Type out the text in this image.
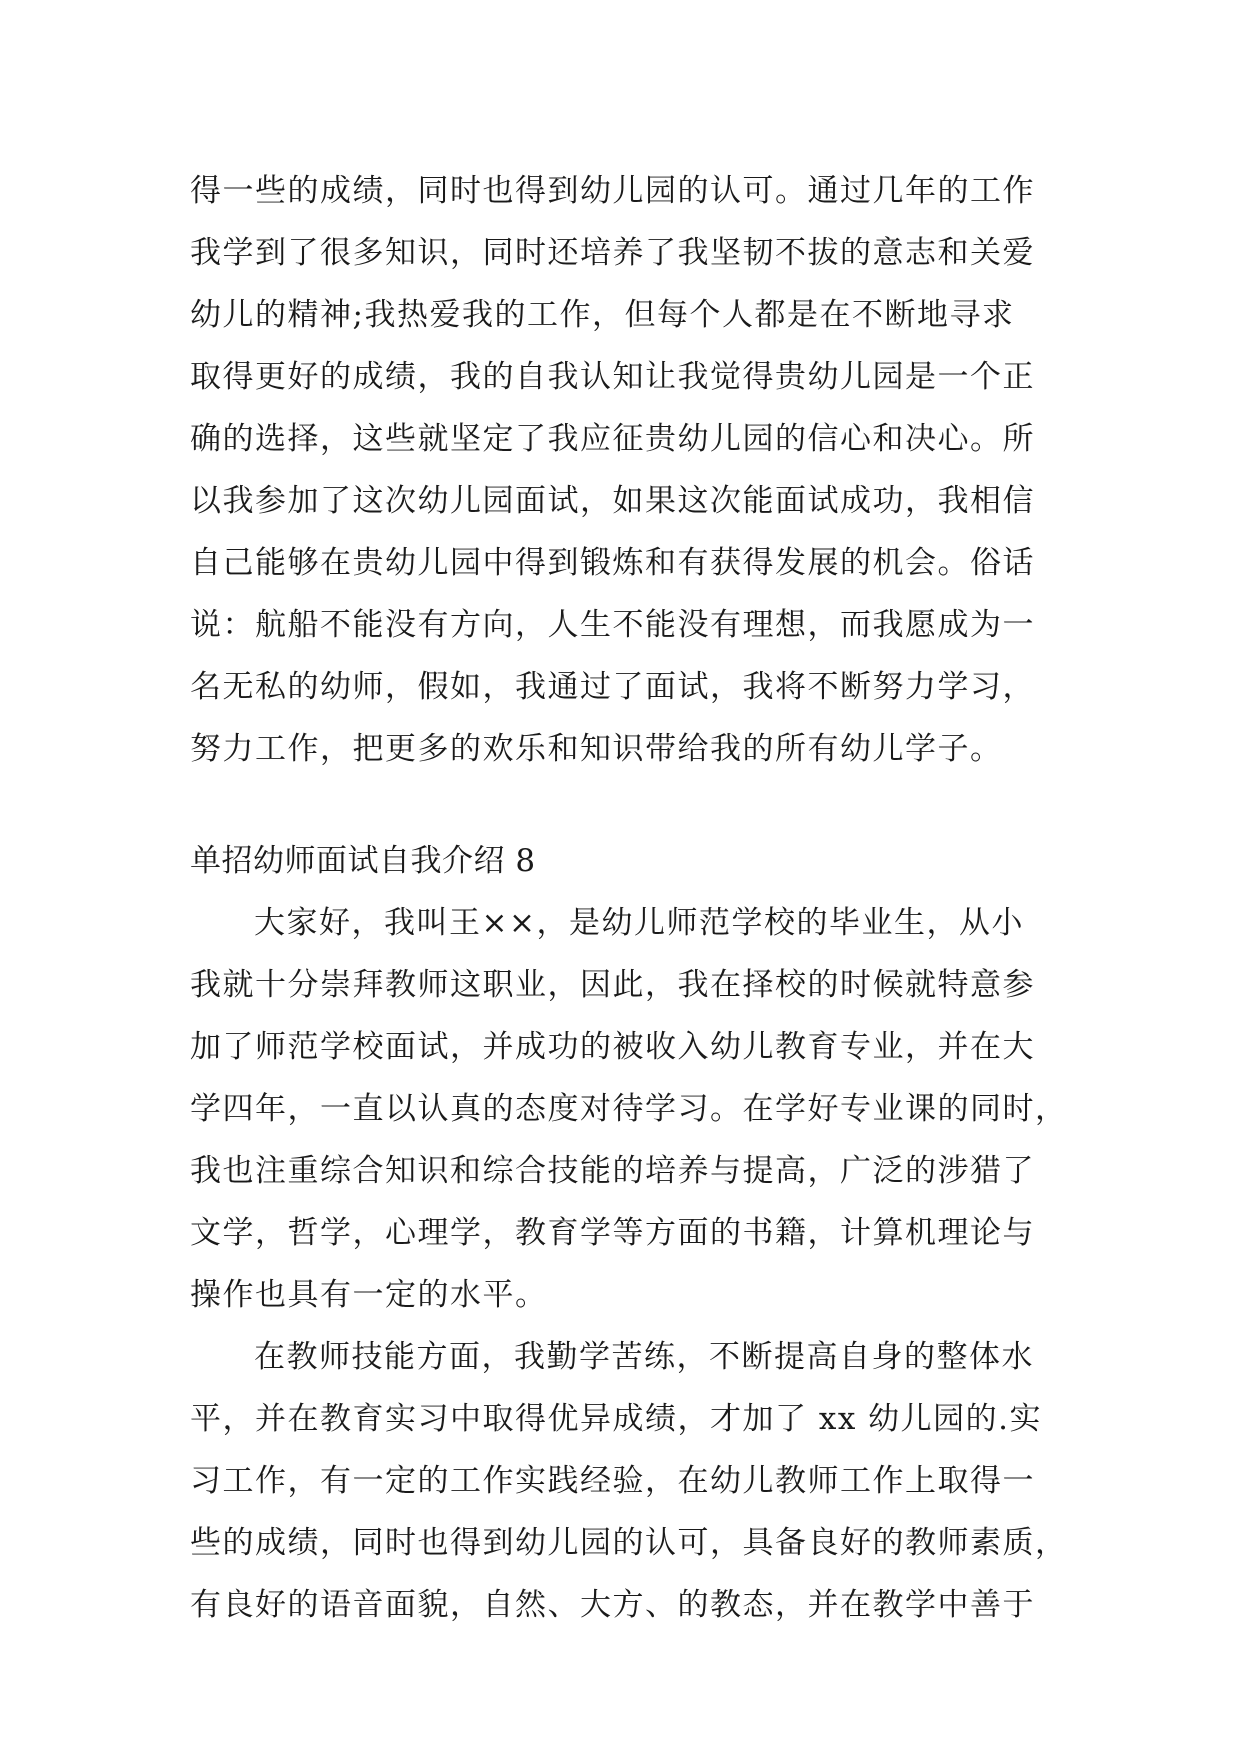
得一些的成绩，同时也得到幼儿园的认可。通过几年的工作
我学到了很多知识，同时还培养了我坚韧不拔的意志和关爱
幼儿的精神;我热爱我的工作，但每个人都是在不断地寻求
取得更好的成绩，我的自我认知让我觉得贵幼儿园是一个正
确的选择，这些就坚定了我应征贵幼儿园的信心和决心。所
以我参加了这次幼儿园面试，如果这次能面试成功，我相信
自己能够在贵幼儿园中得到锻炼和有获得发展的机会。俗话
说：航船不能没有方向，人生不能没有理想，而我愿成为一
名无私的幼师，假如，我通过了面试，我将不断努力学习，
努力工作，把更多的欢乐和知识带给我的所有幼儿学子。
单招幼师面试自我介绍 8
大家好，我叫王××，是幼儿师范学校的毕业生，从小
我就十分崇拜教师这职业，因此，我在择校的时候就特意参
加了师范学校面试，并成功的被收入幼儿教育专业，并在大
学四年，一直以认真的态度对待学习。在学好专业课的同时，
我也注重综合知识和综合技能的培养与提高，广泛的涉猎了
文学，哲学，心理学，教育学等方面的书籍，计算机理论与
操作也具有一定的水平。
在教师技能方面，我勤学苦练，不断提高自身的整体水
平，并在教育实习中取得优异成绩，才加了 xx 幼儿园的.实
习工作，有一定的工作实践经验，在幼儿教师工作上取得一
些的成绩，同时也得到幼儿园的认可，具备良好的教师素质，
有良好的语音面貌，自然、大方、的教态，并在教学中善于
